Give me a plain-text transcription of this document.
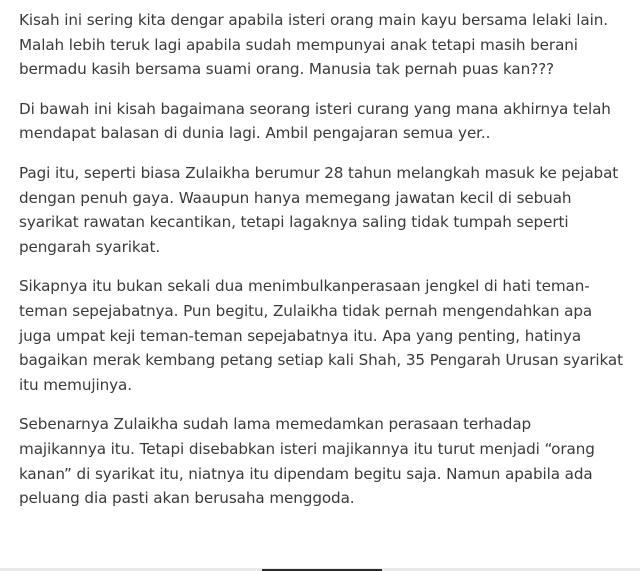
Kisah ini sering kita dengar apabila isteri orang main kayu bersama lelaki lain.
Malah lebih teruk lagi apabila sudah mempunyai anak tetapi masih berani
bermadu kasih bersama suami orang. Manusia tak pernah puas kan???

Di bawah ini kisah bagaimana seorang isteri curang yang mana akhirnya telah
mendapat balasan di dunia lagi. Ambil pengajaran semua yer..

Pagi itu, seperti biasa Zulaikha berumur 28 tahun melangkah masuk ke pejabat
dengan penuh gaya. Waaupun hanya memegang jawatan kecil di sebuah
syarikat rawatan kecantikan, tetapi lagaknya saling tidak tumpah seperti
pengarah syarikat.

Sikapnya itu bukan sekali dua menimbulkanperasaan jengkel di hati teman-
teman sepejabatnya. Pun begitu, Zulaikha tidak pernah mengendahkan apa
juga umpat keji teman-teman sepejabatnya itu. Apa yang penting, hatinya
bagaikan merak kembang petang setiap kali Shah, 35 Pengarah Urusan syarikat
itu memujinya.

Sebenarnya Zulaikha sudah lama memedamkan perasaan terhadap
majikannya itu. Tetapi disebabkan isteri majikannya itu turut menjadi “orang
kanan” di syarikat itu, niatnya itu dipendam begitu saja. Namun apabila ada
peluang dia pasti akan berusaha menggoda.
